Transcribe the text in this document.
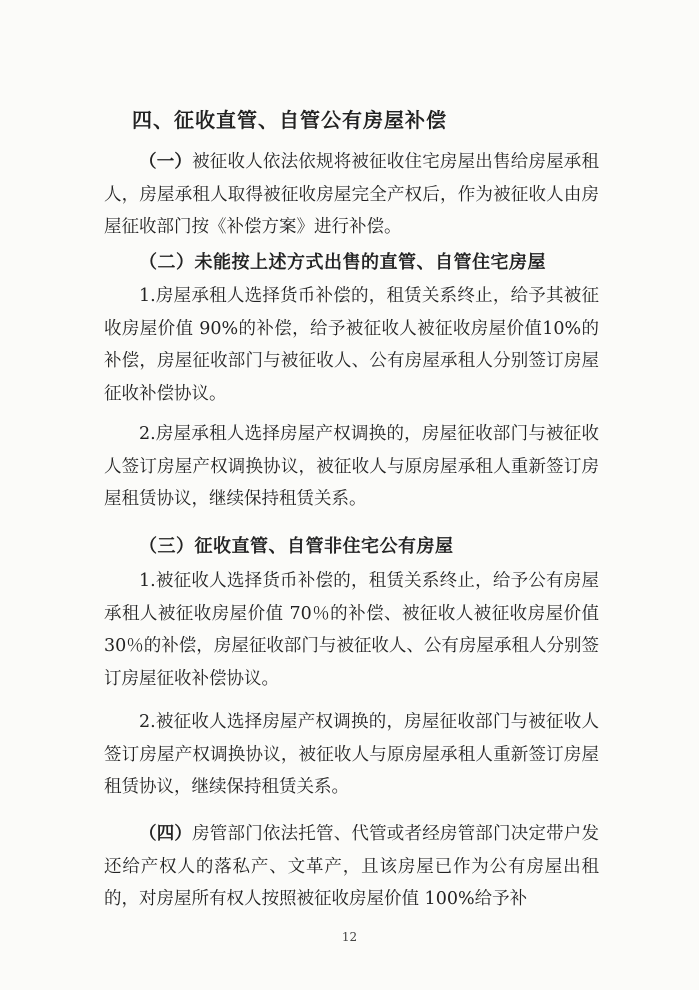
四、征收直管、自管公有房屋补偿
（一）被征收人依法依规将被征收住宅房屋出售给房屋承租人，房屋承租人取得被征收房屋完全产权后，作为被征收人由房屋征收部门按《补偿方案》进行补偿。
（二）未能按上述方式出售的直管、自管住宅房屋
1.房屋承租人选择货币补偿的，租赁关系终止，给予其被征收房屋价值 90%的补偿，给予被征收人被征收房屋价值10%的补偿，房屋征收部门与被征收人、公有房屋承租人分别签订房屋征收补偿协议。
2.房屋承租人选择房屋产权调换的，房屋征收部门与被征收人签订房屋产权调换协议，被征收人与原房屋承租人重新签订房屋租赁协议，继续保持租赁关系。
（三）征收直管、自管非住宅公有房屋
1.被征收人选择货币补偿的，租赁关系终止，给予公有房屋承租人被征收房屋价值 70％的补偿、被征收人被征收房屋价值 30％的补偿，房屋征收部门与被征收人、公有房屋承租人分别签订房屋征收补偿协议。
2.被征收人选择房屋产权调换的，房屋征收部门与被征收人签订房屋产权调换协议，被征收人与原房屋承租人重新签订房屋租赁协议，继续保持租赁关系。
（四）房管部门依法托管、代管或者经房管部门决定带户发还给产权人的落私产、文革产，且该房屋已作为公有房屋出租的，对房屋所有权人按照被征收房屋价值 100%给予补
12
